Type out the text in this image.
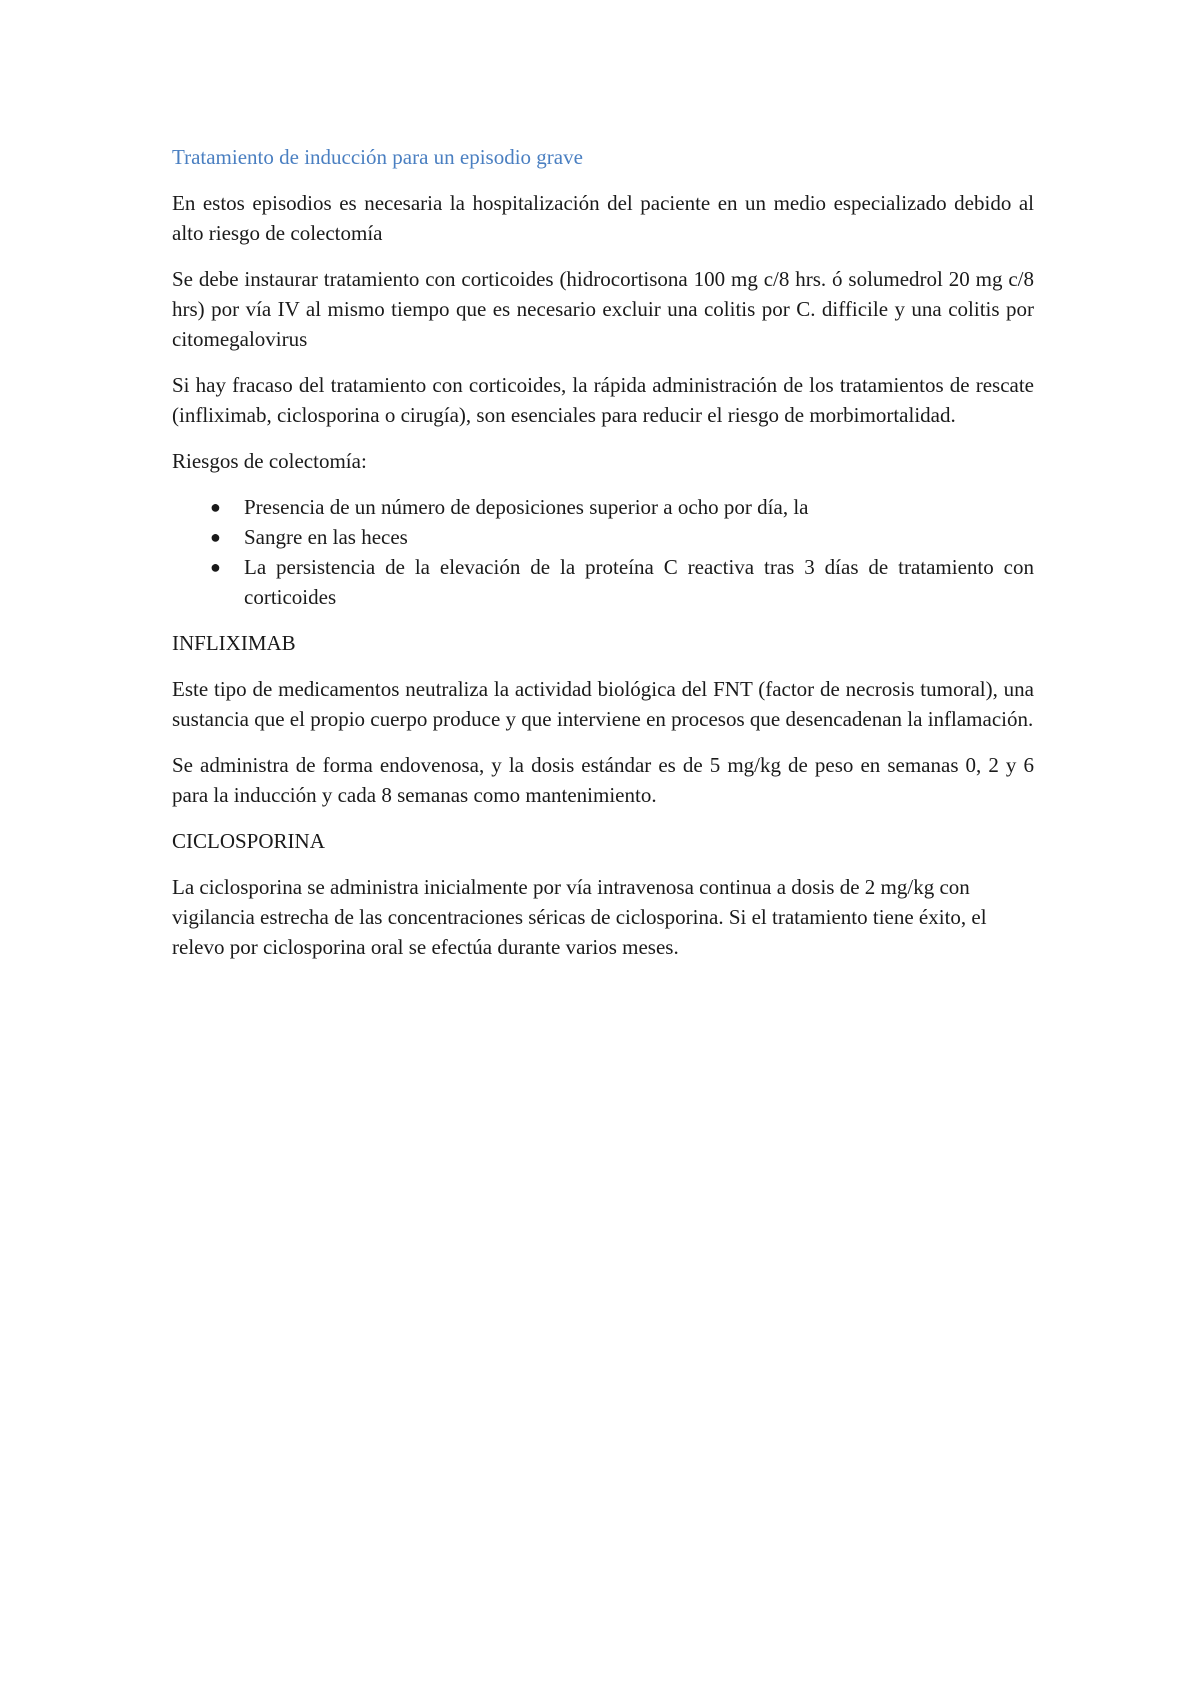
Tratamiento de inducción para un episodio grave

En estos episodios es necesaria la hospitalización del paciente en un medio especializado debido al alto riesgo de colectomía

Se debe instaurar tratamiento con corticoides (hidrocortisona 100 mg c/8 hrs. ó solumedrol 20 mg c/8 hrs) por vía IV al mismo tiempo que es necesario excluir una colitis por C. difficile y una colitis por citomegalovirus

Si hay fracaso del tratamiento con corticoides, la rápida administración de los tratamientos de rescate (infliximab, ciclosporina o cirugía), son esenciales para reducir el riesgo de morbimortalidad.

Riesgos de colectomía:

● Presencia de un número de deposiciones superior a ocho por día, la
● Sangre en las heces
● La persistencia de la elevación de la proteína C reactiva tras 3 días de tratamiento con corticoides

INFLIXIMAB

Este tipo de medicamentos neutraliza la actividad biológica del FNT (factor de necrosis tumoral), una sustancia que el propio cuerpo produce y que interviene en procesos que desencadenan la inflamación.

Se administra de forma endovenosa, y la dosis estándar es de 5 mg/kg de peso en semanas 0, 2 y 6 para la inducción y cada 8 semanas como mantenimiento.

CICLOSPORINA

La ciclosporina se administra inicialmente por vía intravenosa continua a dosis de 2 mg/kg con vigilancia estrecha de las concentraciones séricas de ciclosporina. Si el tratamiento tiene éxito, el relevo por ciclosporina oral se efectúa durante varios meses.
